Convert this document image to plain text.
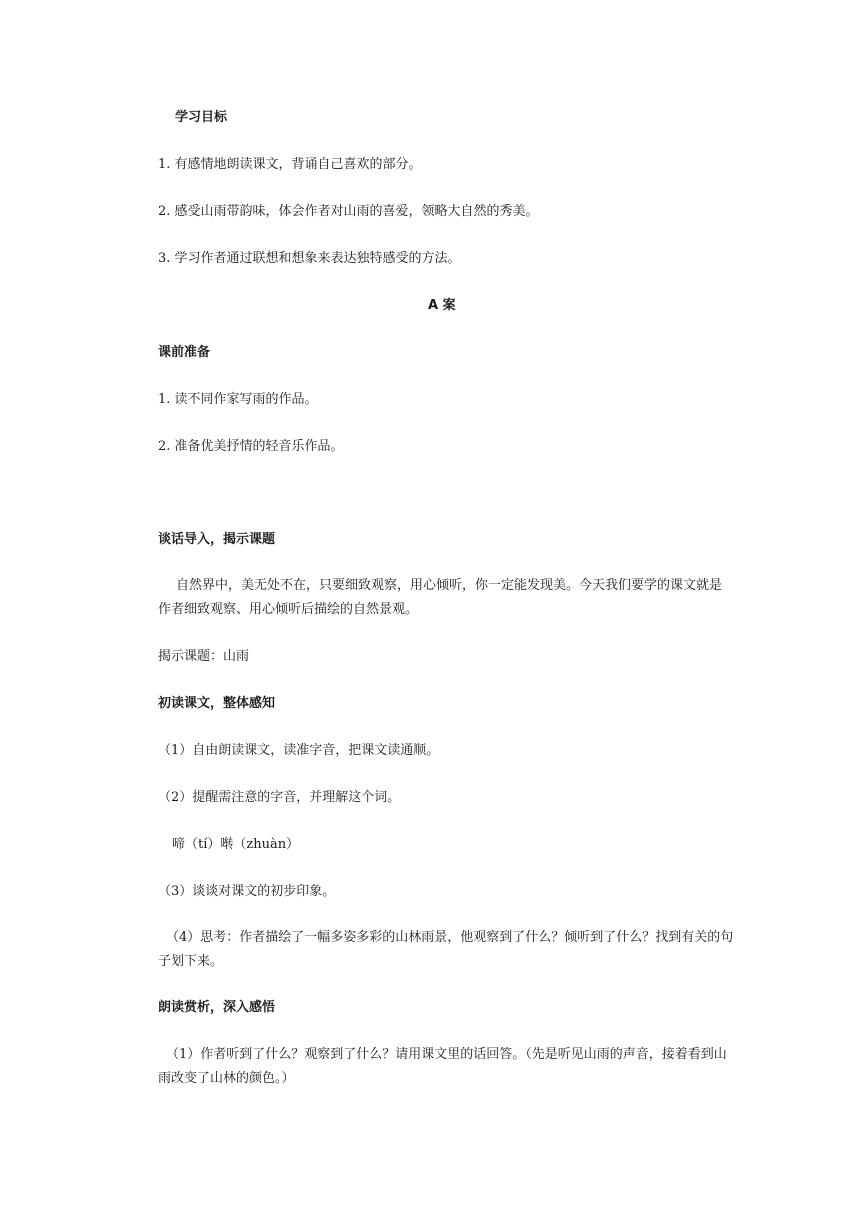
学习目标
1. 有感情地朗读课文，背诵自己喜欢的部分。
2. 感受山雨带韵味，体会作者对山雨的喜爱，领略大自然的秀美。
3. 学习作者通过联想和想象来表达独特感受的方法。
A 案
课前准备
1. 读不同作家写雨的作品。
2. 准备优美抒情的轻音乐作品。
谈话导入，揭示课题
自然界中，美无处不在，只要细致观察，用心倾听，你一定能发现美。今天我们要学的课文就是作者细致观察、用心倾听后描绘的自然景观。
揭示课题：山雨
初读课文，整体感知
（1）自由朗读课文，读准字音，把课文读通顺。
（2）提醒需注意的字音，并理解这个词。
啼（tí）啭（zhuàn）
（3）谈谈对课文的初步印象。
（4）思考：作者描绘了一幅多姿多彩的山林雨景，他观察到了什么？倾听到了什么？找到有关的句子划下来。
朗读赏析，深入感悟
（1）作者听到了什么？观察到了什么？请用课文里的话回答。（先是听见山雨的声音，接着看到山雨改变了山林的颜色。）
